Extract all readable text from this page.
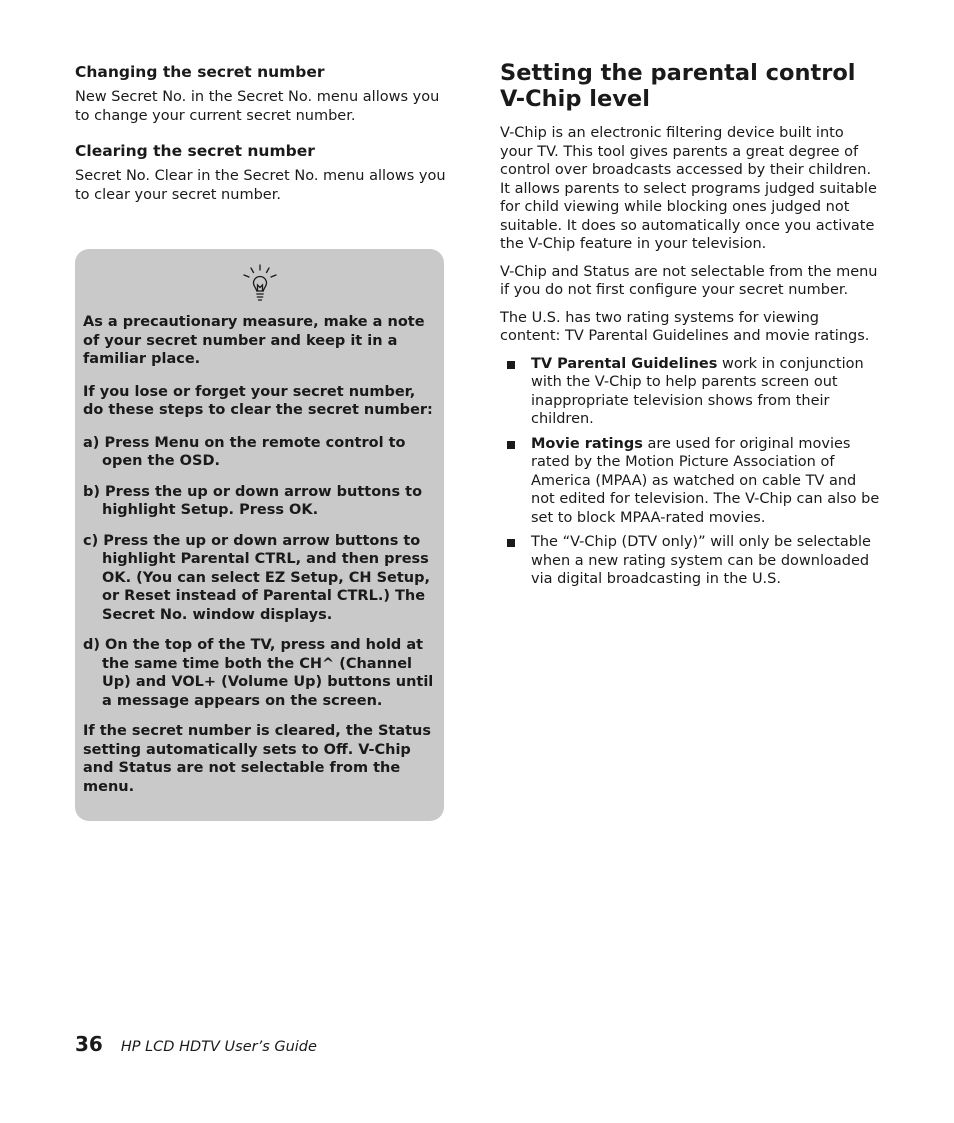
Changing the secret number

New Secret No. in the Secret No. menu allows you to change your current secret number.

Clearing the secret number

Secret No. Clear in the Secret No. menu allows you to clear your secret number.

As a precautionary measure, make a note of your secret number and keep it in a familiar place.

If you lose or forget your secret number, do these steps to clear the secret number:

a) Press Menu on the remote control to open the OSD.

b) Press the up or down arrow buttons to highlight Setup. Press OK.

c) Press the up or down arrow buttons to highlight Parental CTRL, and then press OK. (You can select EZ Setup, CH Setup, or Reset instead of Parental CTRL.) The Secret No. window displays.

d) On the top of the TV, press and hold at the same time both the CH^ (Channel Up) and VOL+ (Volume Up) buttons until a message appears on the screen.

If the secret number is cleared, the Status setting automatically sets to Off. V-Chip and Status are not selectable from the menu.

Setting the parental control V-Chip level

V-Chip is an electronic filtering device built into your TV. This tool gives parents a great degree of control over broadcasts accessed by their children. It allows parents to select programs judged suitable for child viewing while blocking ones judged not suitable. It does so automatically once you activate the V-Chip feature in your television.

V-Chip and Status are not selectable from the menu if you do not first configure your secret number.

The U.S. has two rating systems for viewing content: TV Parental Guidelines and movie ratings.

TV Parental Guidelines work in conjunction with the V-Chip to help parents screen out inappropriate television shows from their children.
Movie ratings are used for original movies rated by the Motion Picture Association of America (MPAA) as watched on cable TV and not edited for television. The V-Chip can also be set to block MPAA-rated movies.
The “V-Chip (DTV only)” will only be selectable when a new rating system can be downloaded via digital broadcasting in the U.S.
36 HP LCD HDTV User’s Guide
